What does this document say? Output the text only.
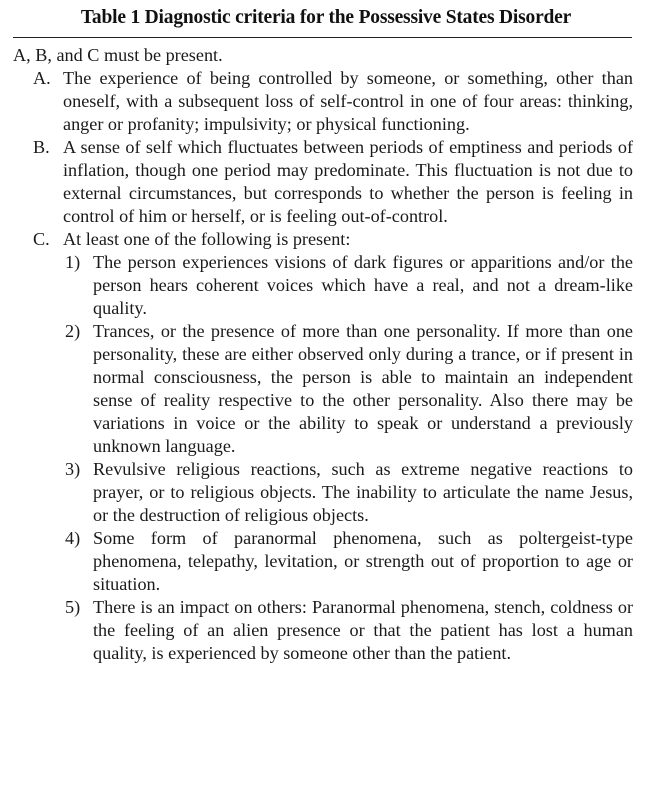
Table 1 Diagnostic criteria for the Possessive States Disorder

A, B, and C must be present.

A. The experience of being controlled by someone, or something, other than oneself, with a subsequent loss of self-control in one of four areas: thinking, anger or profanity; impulsivity; or physical functioning.
B. A sense of self which fluctuates between periods of emptiness and periods of inflation, though one period may predominate. This fluctuation is not due to external circumstances, but corresponds to whether the person is feeling in control of him or herself, or is feeling out-of-control.
C. At least one of the following is present:
1) The person experiences visions of dark figures or apparitions and/or the person hears coherent voices which have a real, and not a dream-like quality.
2) Trances, or the presence of more than one personality. If more than one personality, these are either observed only during a trance, or if present in normal consciousness, the person is able to maintain an independent sense of reality respective to the other personality. Also there may be variations in voice or the ability to speak or understand a previously unknown language.
3) Revulsive religious reactions, such as extreme negative reactions to prayer, or to religious objects. The inability to articulate the name Jesus, or the destruction of religious objects.
4) Some form of paranormal phenomena, such as poltergeist-type phenomena, telepathy, levitation, or strength out of proportion to age or situation.
5) There is an impact on others: Paranormal phenomena, stench, coldness or the feeling of an alien presence or that the patient has lost a human quality, is experienced by someone other than the patient.
